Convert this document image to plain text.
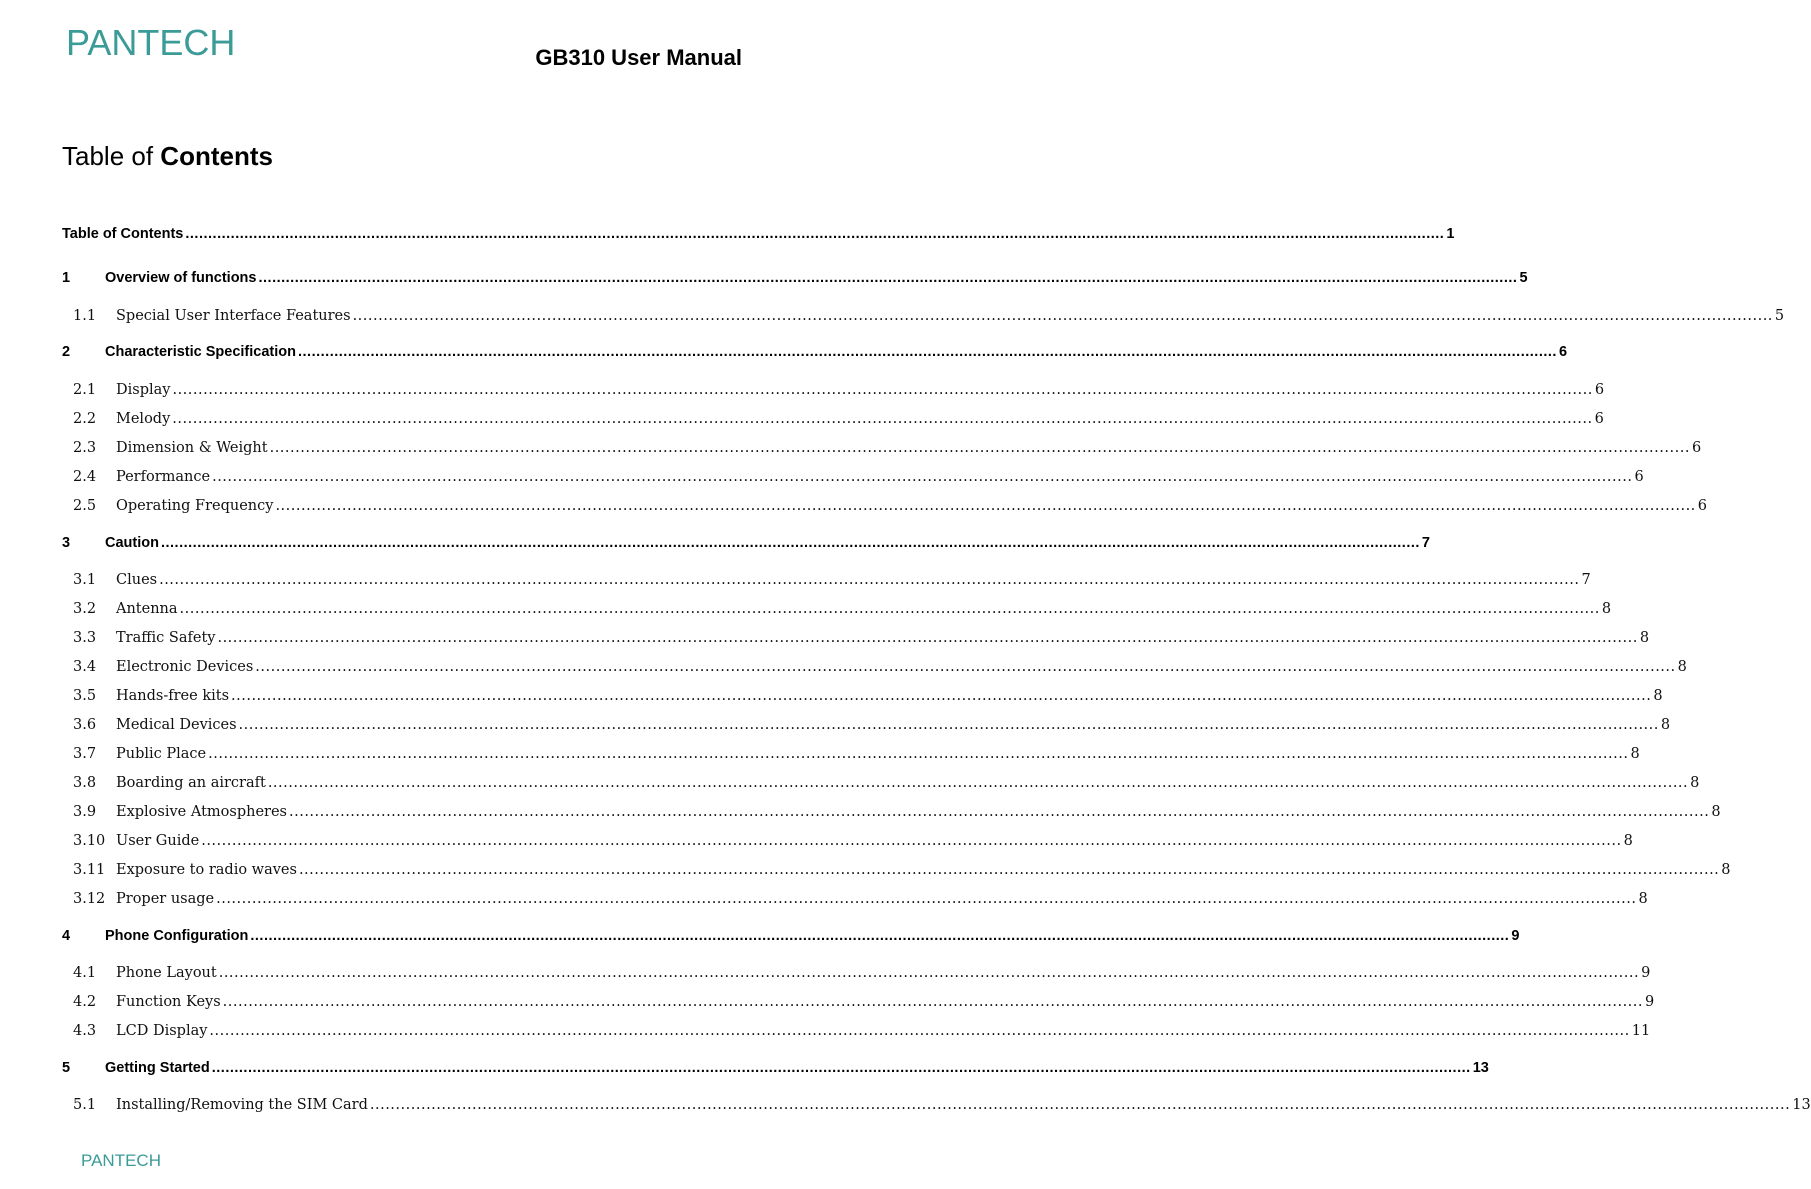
PANTECH	GB310 User Manual
Table of Contents
Table of Contents .....	1
1	Overview of functions .....	5
1.1	Special User Interface Features .....	5
2	Characteristic Specification .....	6
2.1	Display .....	6
2.2	Melody .....	6
2.3	Dimension & Weight .....	6
2.4	Performance .....	6
2.5	Operating Frequency .....	6
3	Caution .....	7
3.1	Clues .....	7
3.2	Antenna .....	8
3.3	Traffic Safety .....	8
3.4	Electronic Devices .....	8
3.5	Hands-free kits .....	8
3.6	Medical Devices .....	8
3.7	Public Place .....	8
3.8	Boarding an aircraft .....	8
3.9	Explosive Atmospheres .....	8
3.10 User Guide .....	8
3.11 Exposure to radio waves .....	8
3.12 Proper usage .....	8
4	Phone Configuration .....	9
4.1	Phone Layout .....	9
4.2	Function Keys .....	9
4.3	LCD Display .....	11
5	Getting Started .....	13
5.1	Installing/Removing the SIM Card .....	13
PANTECH
